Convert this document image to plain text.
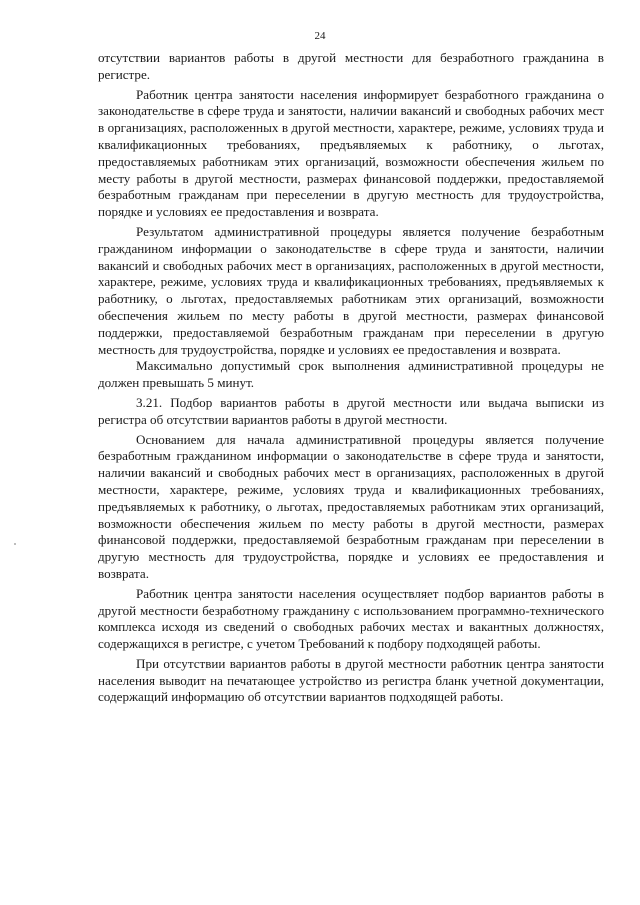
24

отсутствии вариантов работы в другой местности для безработного гражданина в регистре.

Работник центра занятости населения информирует безработного гражданина о законодательстве в сфере труда и занятости, наличии вакансий и свободных рабочих мест в организациях, расположенных в другой местности, характере, режиме, условиях труда и квалификационных требованиях, предъявляемых к работнику, о льготах, предоставляемых работникам этих организаций, возможности обеспечения жильем по месту работы в другой местности, размерах финансовой поддержки, предоставляемой безработным гражданам при переселении в другую местность для трудоустройства, порядке и условиях ее предоставления и возврата.

Результатом административной процедуры является получение безработным гражданином информации о законодательстве в сфере труда и занятости, наличии вакансий и свободных рабочих мест в организациях, расположенных в другой местности, характере, режиме, условиях труда и квалификационных требованиях, предъявляемых к работнику, о льготах, предоставляемых работникам этих организаций, возможности обеспечения жильем по месту работы в другой местности, размерах финансовой поддержки, предоставляемой безработным гражданам при переселении в другую местность для трудоустройства, порядке и условиях ее предоставления и возврата.

Максимально допустимый срок выполнения административной процедуры не должен превышать 5 минут.

3.21. Подбор вариантов работы в другой местности или выдача выписки из регистра об отсутствии вариантов работы в другой местности.

Основанием для начала административной процедуры является получение безработным гражданином информации о законодательстве в сфере труда и занятости, наличии вакансий и свободных рабочих мест в организациях, расположенных в другой местности, характере, режиме, условиях труда и квалификационных требованиях, предъявляемых к работнику, о льготах, предоставляемых работникам этих организаций, возможности обеспечения жильем по месту работы в другой местности, размерах финансовой поддержки, предоставляемой безработным гражданам при переселении в другую местность для трудоустройства, порядке и условиях ее предоставления и возврата.

Работник центра занятости населения осуществляет подбор вариантов работы в другой местности безработному гражданину с использованием программно-технического комплекса исходя из сведений о свободных рабочих местах и вакантных должностях, содержащихся в регистре, с учетом Требований к подбору подходящей работы.

При отсутствии вариантов работы в другой местности работник центра занятости населения выводит на печатающее устройство из регистра бланк учетной документации, содержащий информацию об отсутствии вариантов подходящей работы.
